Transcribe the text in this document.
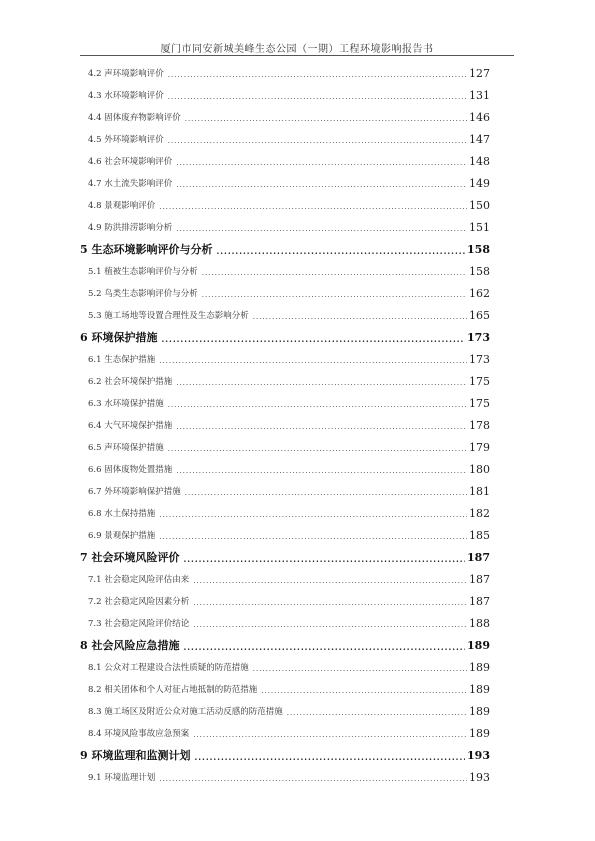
厦门市同安新城美峰生态公园（一期）工程环境影响报告书
4.2 声环境影响评价 .....	127
4.3 水环境影响评价 .....	131
4.4 固体废弃物影响评价 .....	146
4.5 外环境影响评价 .....	147
4.6 社会环境影响评价 .....	148
4.7 水土流失影响评价 .....	149
4.8 景观影响评价 .....	150
4.9 防洪排涝影响分析 .....	151
5 生态环境影响评价与分析 .....	158
5.1 植被生态影响评价与分析 .....	158
5.2 鸟类生态影响评价与分析 .....	162
5.3 施工场地等设置合理性及生态影响分析 .....	165
6 环境保护措施 .....	173
6.1 生态保护措施 .....	173
6.2 社会环境保护措施 .....	175
6.3 水环境保护措施 .....	175
6.4 大气环境保护措施 .....	178
6.5 声环境保护措施 .....	179
6.6 固体废物处置措施 .....	180
6.7 外环境影响保护措施 .....	181
6.8 水土保持措施 .....	182
6.9 景观保护措施 .....	185
7 社会环境风险评价 .....	187
7.1 社会稳定风险评估由来 .....	187
7.2 社会稳定风险因素分析 .....	187
7.3 社会稳定风险评价结论 .....	188
8 社会风险应急措施 .....	189
8.1 公众对工程建设合法性质疑的防范措施 .....	189
8.2 相关团体和个人对征占地抵制的防范措施 .....	189
8.3 施工场区及附近公众对施工活动反感的防范措施 .....	189
8.4 环境风险事故应急预案 .....	189
9 环境监理和监测计划 .....	193
9.1 环境监理计划 .....	193
